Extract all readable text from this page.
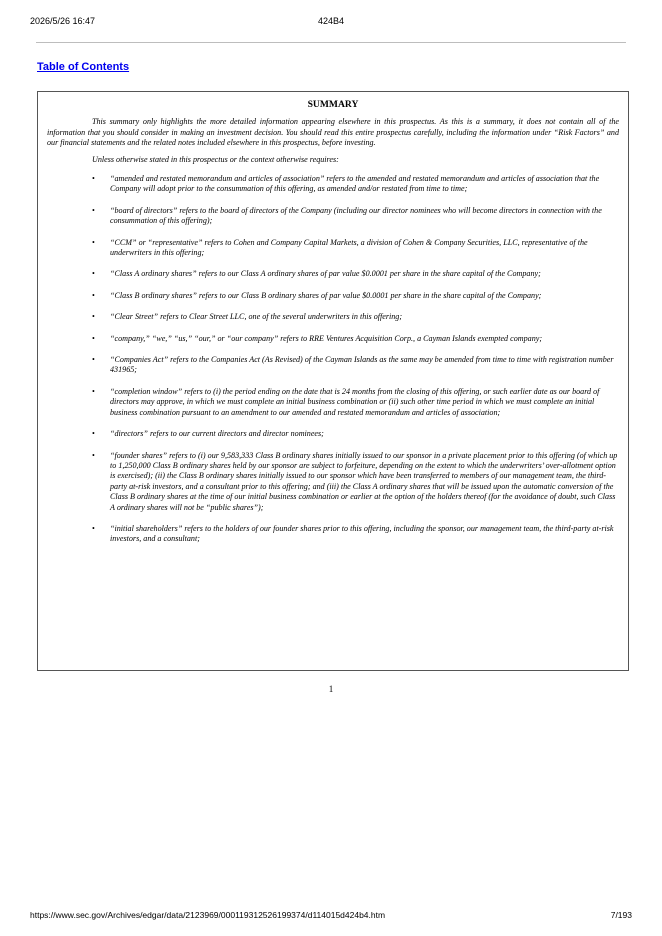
2026/5/26 16:47	424B4
Table of Contents
SUMMARY

This summary only highlights the more detailed information appearing elsewhere in this prospectus. As this is a summary, it does not contain all of the information that you should consider in making an investment decision. You should read this entire prospectus carefully, including the information under “Risk Factors” and our financial statements and the related notes included elsewhere in this prospectus, before investing.

Unless otherwise stated in this prospectus or the context otherwise requires:

• “amended and restated memorandum and articles of association” refers to the amended and restated memorandum and articles of association that the Company will adopt prior to the consummation of this offering, as amended and/or restated from time to time;
• “board of directors” refers to the board of directors of the Company (including our director nominees who will become directors in connection with the consummation of this offering);
• “CCM” or “representative” refers to Cohen and Company Capital Markets, a division of Cohen & Company Securities, LLC, representative of the underwriters in this offering;
• “Class A ordinary shares” refers to our Class A ordinary shares of par value $0.0001 per share in the share capital of the Company;
• “Class B ordinary shares” refers to our Class B ordinary shares of par value $0.0001 per share in the share capital of the Company;
• “Clear Street” refers to Clear Street LLC, one of the several underwriters in this offering;
• “company,” “we,” “us,” “our,” or “our company” refers to RRE Ventures Acquisition Corp., a Cayman Islands exempted company;
• “Companies Act” refers to the Companies Act (As Revised) of the Cayman Islands as the same may be amended from time to time with registration number 431965;
• “completion window” refers to (i) the period ending on the date that is 24 months from the closing of this offering, or such earlier date as our board of directors may approve, in which we must complete an initial business combination or (ii) such other time period in which we must complete an initial business combination pursuant to an amendment to our amended and restated memorandum and articles of association;
• “directors” refers to our current directors and director nominees;
• “founder shares” refers to (i) our 9,583,333 Class B ordinary shares initially issued to our sponsor in a private placement prior to this offering (of which up to 1,250,000 Class B ordinary shares held by our sponsor are subject to forfeiture, depending on the extent to which the underwriters’ over-allotment option is exercised); (ii) the Class B ordinary shares initially issued to our sponsor which have been transferred to members of our management team, the third-party at-risk investors, and a consultant prior to this offering; and (iii) the Class A ordinary shares that will be issued upon the automatic conversion of the Class B ordinary shares at the time of our initial business combination or earlier at the option of the holders thereof (for the avoidance of doubt, such Class A ordinary shares will not be “public shares”);
• “initial shareholders” refers to the holders of our founder shares prior to this offering, including the sponsor, our management team, the third-party at-risk investors, and a consultant;
1
https://www.sec.gov/Archives/edgar/data/2123969/000119312526199374/d114015d424b4.htm	7/193
